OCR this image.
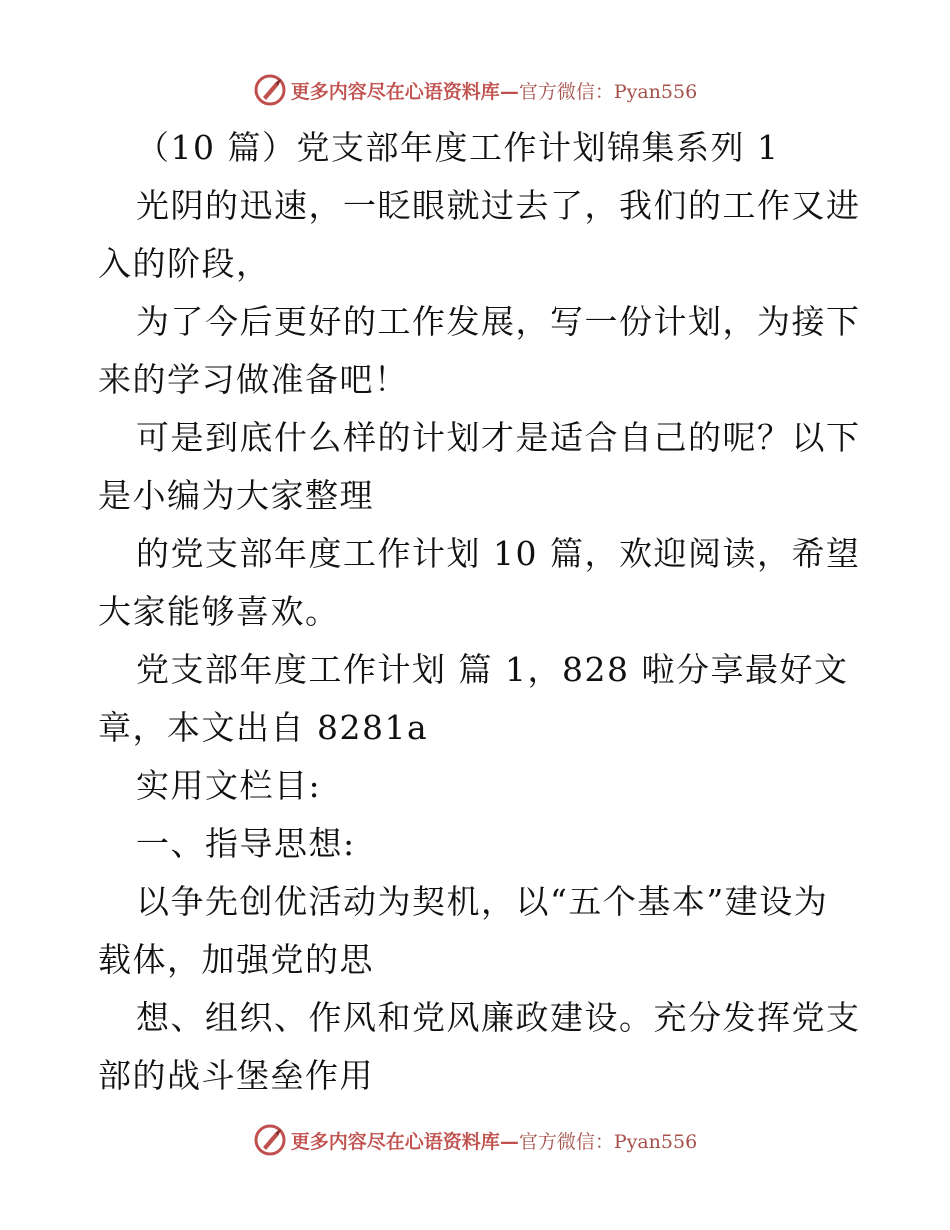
更多内容尽在心语资料库—官方微信：Pyan556
（10 篇）党支部年度工作计划锦集系列 1
光阴的迅速，一眨眼就过去了，我们的工作又进
入的阶段，
为了今后更好的工作发展，写一份计划，为接下
来的学习做准备吧！
可是到底什么样的计划才是适合自己的呢？以下
是小编为大家整理
的党支部年度工作计划 10 篇，欢迎阅读，希望
大家能够喜欢。
党支部年度工作计划 篇 1，828 啦分享最好文
章，本文出自 8281a
实用文栏目:
一、指导思想:
以争先创优活动为契机，以“五个基本”建设为
载体，加强党的思
想、组织、作风和党风廉政建设。充分发挥党支
部的战斗堡垒作用
更多内容尽在心语资料库—官方微信：Pyan556
